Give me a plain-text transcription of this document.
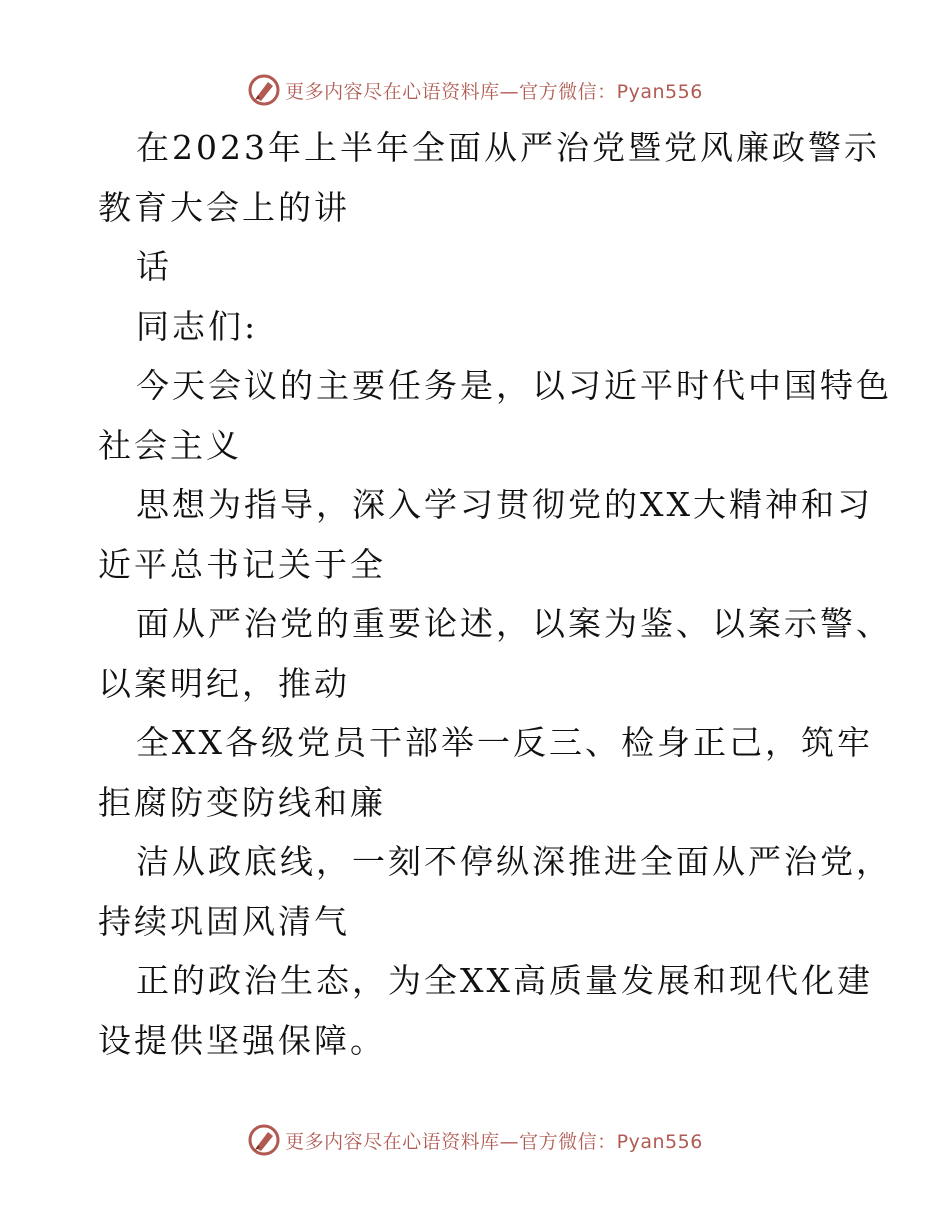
更多内容尽在心语资料库—官方微信：Pyan556
在2023年上半年全面从严治党暨党风廉政警示
教育大会上的讲
话
同志们:
今天会议的主要任务是，以习近平时代中国特色
社会主义
思想为指导，深入学习贯彻党的XX大精神和习
近平总书记关于全
面从严治党的重要论述，以案为鉴、以案示警、
以案明纪，推动
全XX各级党员干部举一反三、检身正己，筑牢
拒腐防变防线和廉
洁从政底线，一刻不停纵深推进全面从严治党，
持续巩固风清气
正的政治生态，为全XX高质量发展和现代化建
设提供坚强保障。
更多内容尽在心语资料库—官方微信：Pyan556
